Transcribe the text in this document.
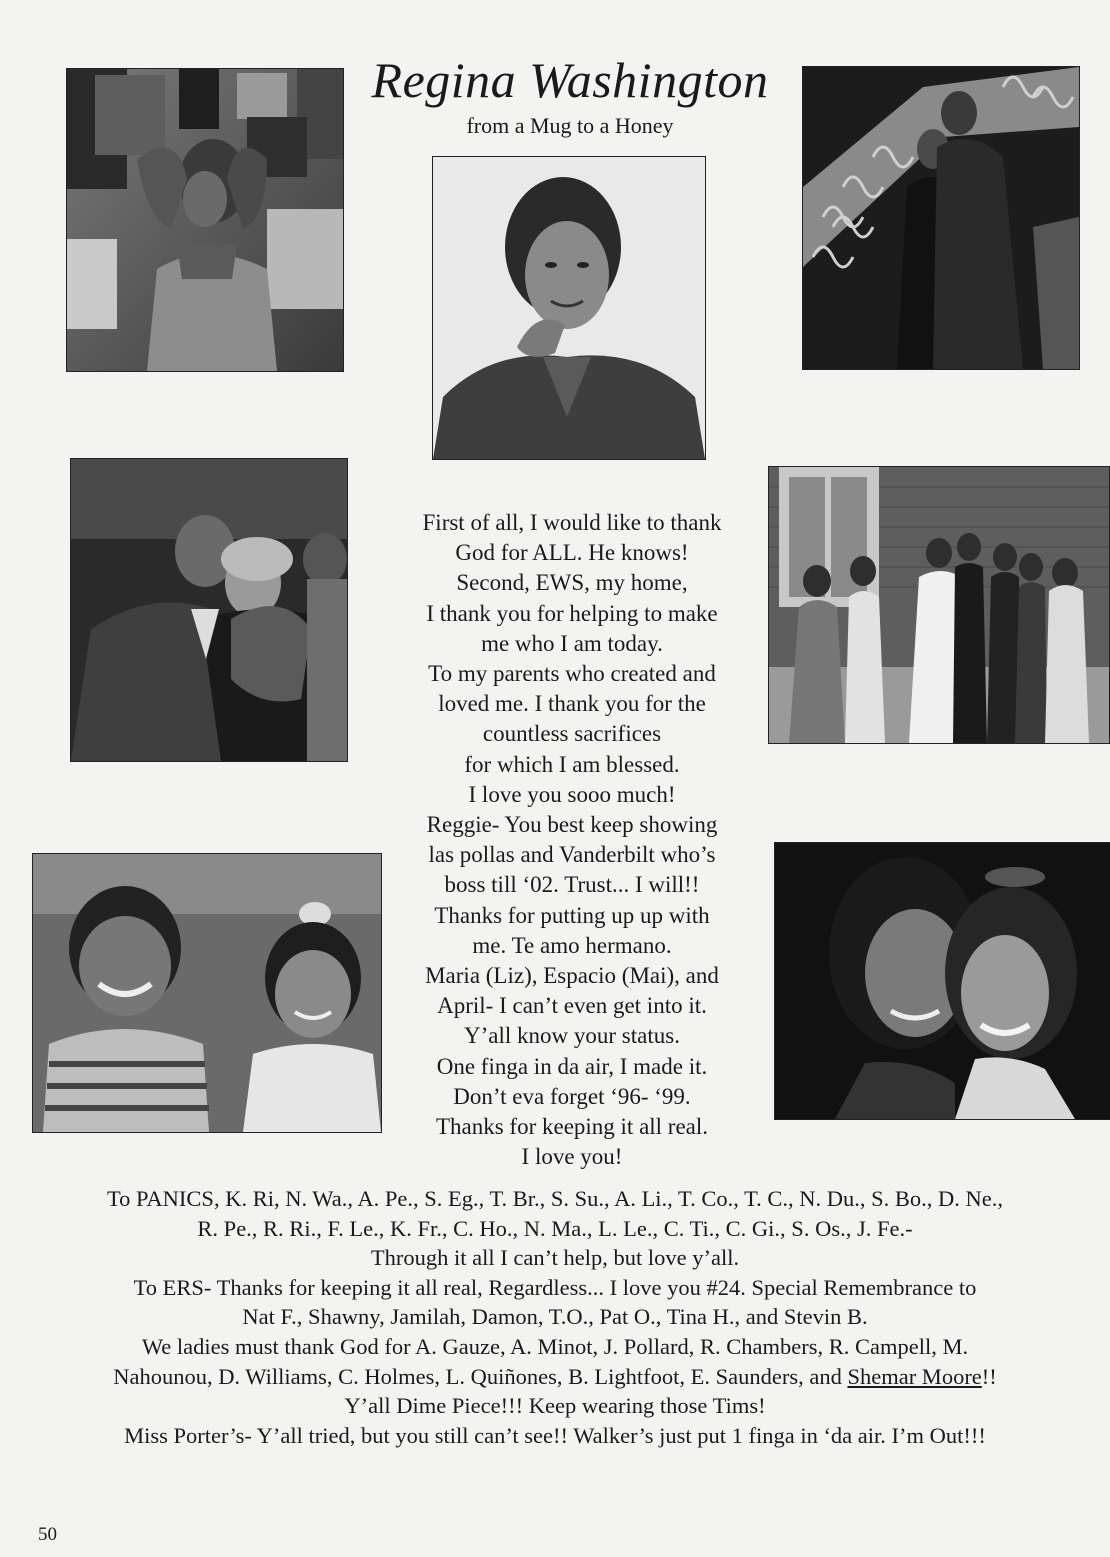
Regina Washington
from a Mug to a Honey
First of all, I would like to thank
God for ALL. He knows!
Second, EWS, my home,
I thank you for helping to make
me who I am today.
To my parents who created and
loved me. I thank you for the
countless sacrifices
for which I am blessed.
I love you sooo much!
Reggie- You best keep showing
las pollas and Vanderbilt who’s
boss till ‘02. Trust... I will!!
Thanks for putting up up with
me. Te amo hermano.
Maria (Liz), Espacio (Mai), and
April- I can’t even get into it.
Y’all know your status.
One finga in da air, I made it.
Don’t eva forget ‘96- ‘99.
Thanks for keeping it all real.
I love you!
To PANICS, K. Ri, N. Wa., A. Pe., S. Eg., T. Br., S. Su., A. Li., T. Co., T. C., N. Du., S. Bo., D. Ne.,
R. Pe., R. Ri., F. Le., K. Fr., C. Ho., N. Ma., L. Le., C. Ti., C. Gi., S. Os., J. Fe.-
Through it all I can’t help, but love y’all.
To ERS- Thanks for keeping it all real, Regardless... I love you #24. Special Remembrance to
Nat F., Shawny, Jamilah, Damon, T.O., Pat O., Tina H., and Stevin B.
We ladies must thank God for A. Gauze, A. Minot, J. Pollard, R. Chambers, R. Campell, M.
Nahounou, D. Williams, C. Holmes, L. Quiñones, B. Lightfoot, E. Saunders, and Shemar Moore!!
Y’all Dime Piece!!! Keep wearing those Tims!
Miss Porter’s- Y’all tried, but you still can’t see!! Walker’s just put 1 finga in ‘da air. I’m Out!!!
50
